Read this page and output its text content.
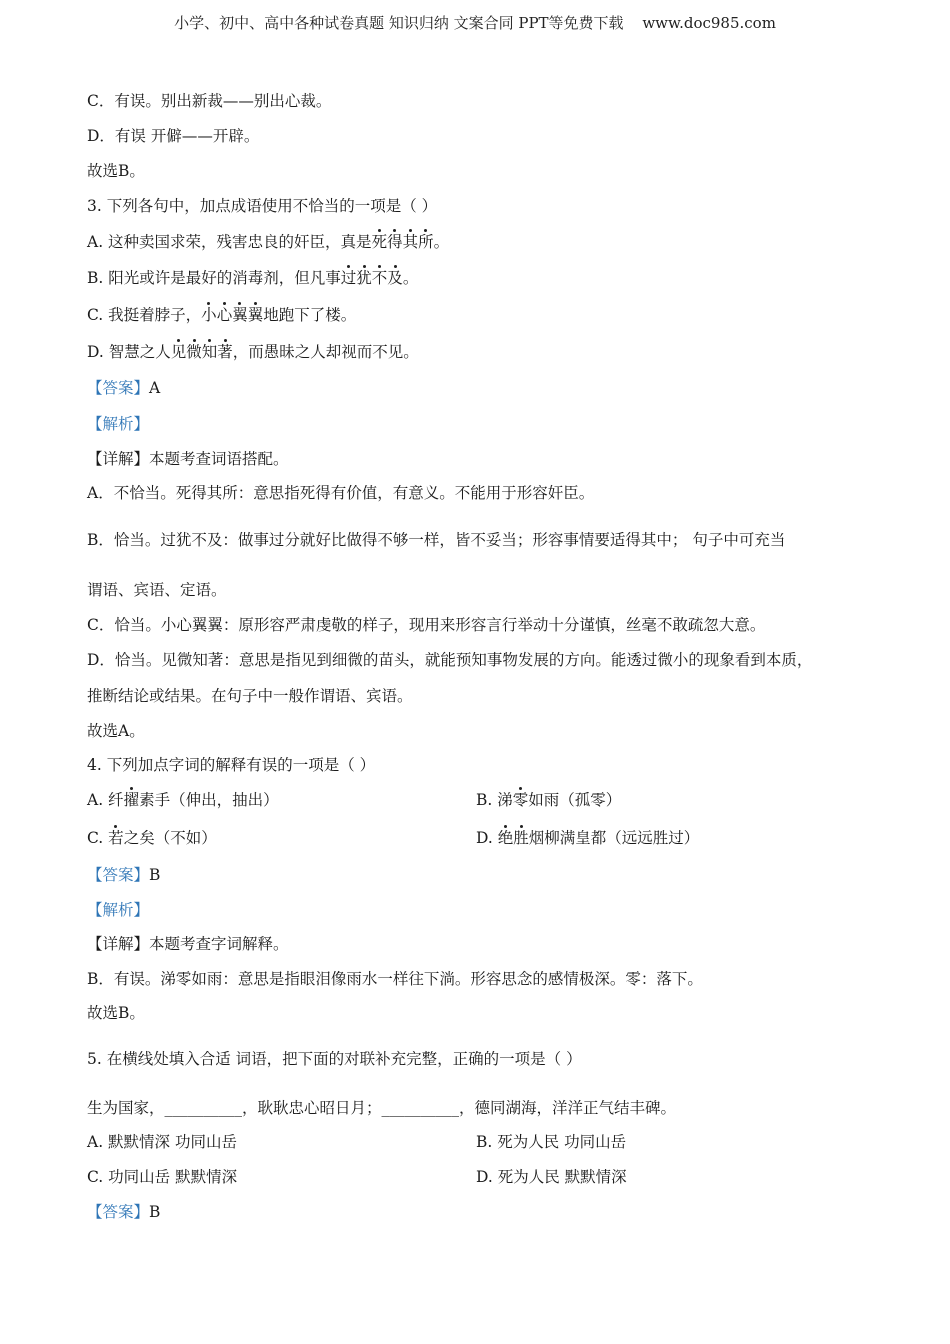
小学、初中、高中各种试卷真题 知识归纳 文案合同 PPT等免费下载 www.doc985.com
C．有误。别出新裁——别出心裁。
D．有误 开僻——开辟。
故选B。
3. 下列各句中，加点成语使用不恰当的一项是（ ）
A. 这种卖国求荣，残害忠良的奸臣，真是死得其所。
B. 阳光或许是最好的消毒剂，但凡事过犹不及。
C. 我挺着脖子，小心翼翼地跑下了楼。
D. 智慧之人见微知著，而愚昧之人却视而不见。
【答案】A
【解析】
【详解】本题考查词语搭配。
A．不恰当。死得其所：意思指死得有价值，有意义。不能用于形容奸臣。
B．恰当。过犹不及：做事过分就好比做得不够一样，皆不妥当；形容事情要适得其中； 句子中可充当
谓语、宾语、定语。
C．恰当。小心翼翼：原形容严肃虔敬的样子，现用来形容言行举动十分谨慎，丝毫不敢疏忽大意。
D．恰当。见微知著：意思是指见到细微的苗头，就能预知事物发展的方向。能透过微小的现象看到本质，
推断结论或结果。在句子中一般作谓语、宾语。
故选A。
4. 下列加点字词的解释有误的一项是（ ）
A. 纤擢素手（伸出，抽出）	B. 涕零如雨（孤零）
C. 若之矣（不如）	D. 绝胜烟柳满皇都（远远胜过）
【答案】B
【解析】
【详解】本题考查字词解释。
B．有误。涕零如雨：意思是指眼泪像雨水一样往下淌。形容思念的感情极深。零：落下。
故选B。
5. 在横线处填入合适 词语，把下面的对联补充完整，正确的一项是（ ）
生为国家，__________，耿耿忠心昭日月；__________，德同湖海，洋洋正气结丰碑。
A. 默默情深 功同山岳	B. 死为人民 功同山岳
C. 功同山岳 默默情深	D. 死为人民 默默情深
【答案】B
